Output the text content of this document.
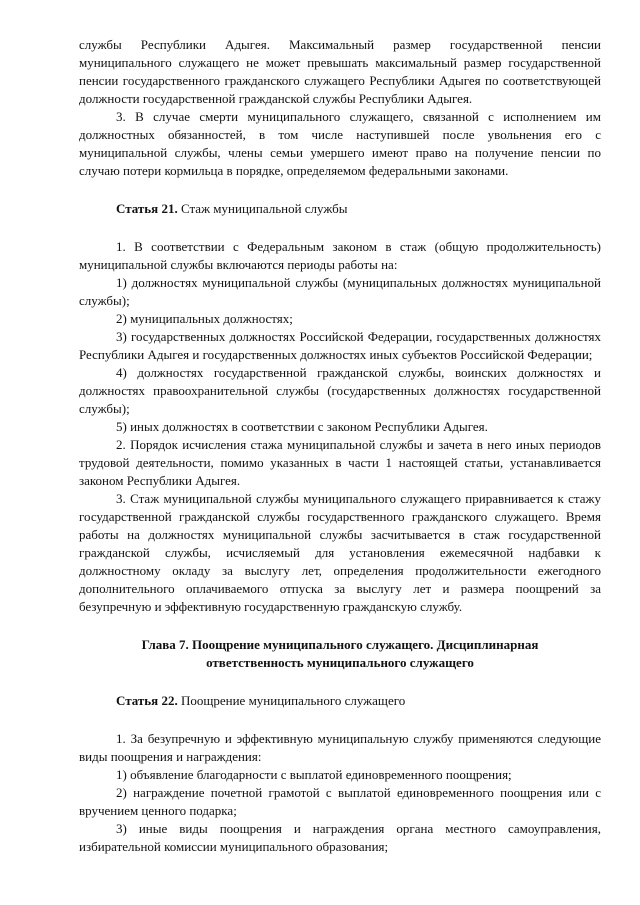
службы Республики Адыгея. Максимальный размер государственной пенсии муниципального служащего не может превышать максимальный размер государственной пенсии государственного гражданского служащего Республики Адыгея по соответствующей должности государственной гражданской службы Республики Адыгея.

3. В случае смерти муниципального служащего, связанной с исполнением им должностных обязанностей, в том числе наступившей после увольнения его с муниципальной службы, члены семьи умершего имеют право на получение пенсии по случаю потери кормильца в порядке, определяемом федеральными законами.

Статья 21. Стаж муниципальной службы

1. В соответствии с Федеральным законом в стаж (общую продолжительность) муниципальной службы включаются периоды работы на:

1) должностях муниципальной службы (муниципальных должностях муниципальной службы);

2) муниципальных должностях;

3) государственных должностях Российской Федерации, государственных должностях Республики Адыгея и государственных должностях иных субъектов Российской Федерации;

4) должностях государственной гражданской службы, воинских должностях и должностях правоохранительной службы (государственных должностях государственной службы);

5) иных должностях в соответствии с законом Республики Адыгея.

2. Порядок исчисления стажа муниципальной службы и зачета в него иных периодов трудовой деятельности, помимо указанных в части 1 настоящей статьи, устанавливается законом Республики Адыгея.

3. Стаж муниципальной службы муниципального служащего приравнивается к стажу государственной гражданской службы государственного гражданского служащего. Время работы на должностях муниципальной службы засчитывается в стаж государственной гражданской службы, исчисляемый для установления ежемесячной надбавки к должностному окладу за выслугу лет, определения продолжительности ежегодного дополнительного оплачиваемого отпуска за выслугу лет и размера поощрений за безупречную и эффективную государственную гражданскую службу.

Глава 7. Поощрение муниципального служащего. Дисциплинарная
ответственность муниципального служащего

Статья 22. Поощрение муниципального служащего

1. За безупречную и эффективную муниципальную службу применяются следующие виды поощрения и награждения:

1) объявление благодарности с выплатой единовременного поощрения;

2) награждение почетной грамотой с выплатой единовременного поощрения или с вручением ценного подарка;

3) иные виды поощрения и награждения органа местного самоуправления, избирательной комиссии муниципального образования;
